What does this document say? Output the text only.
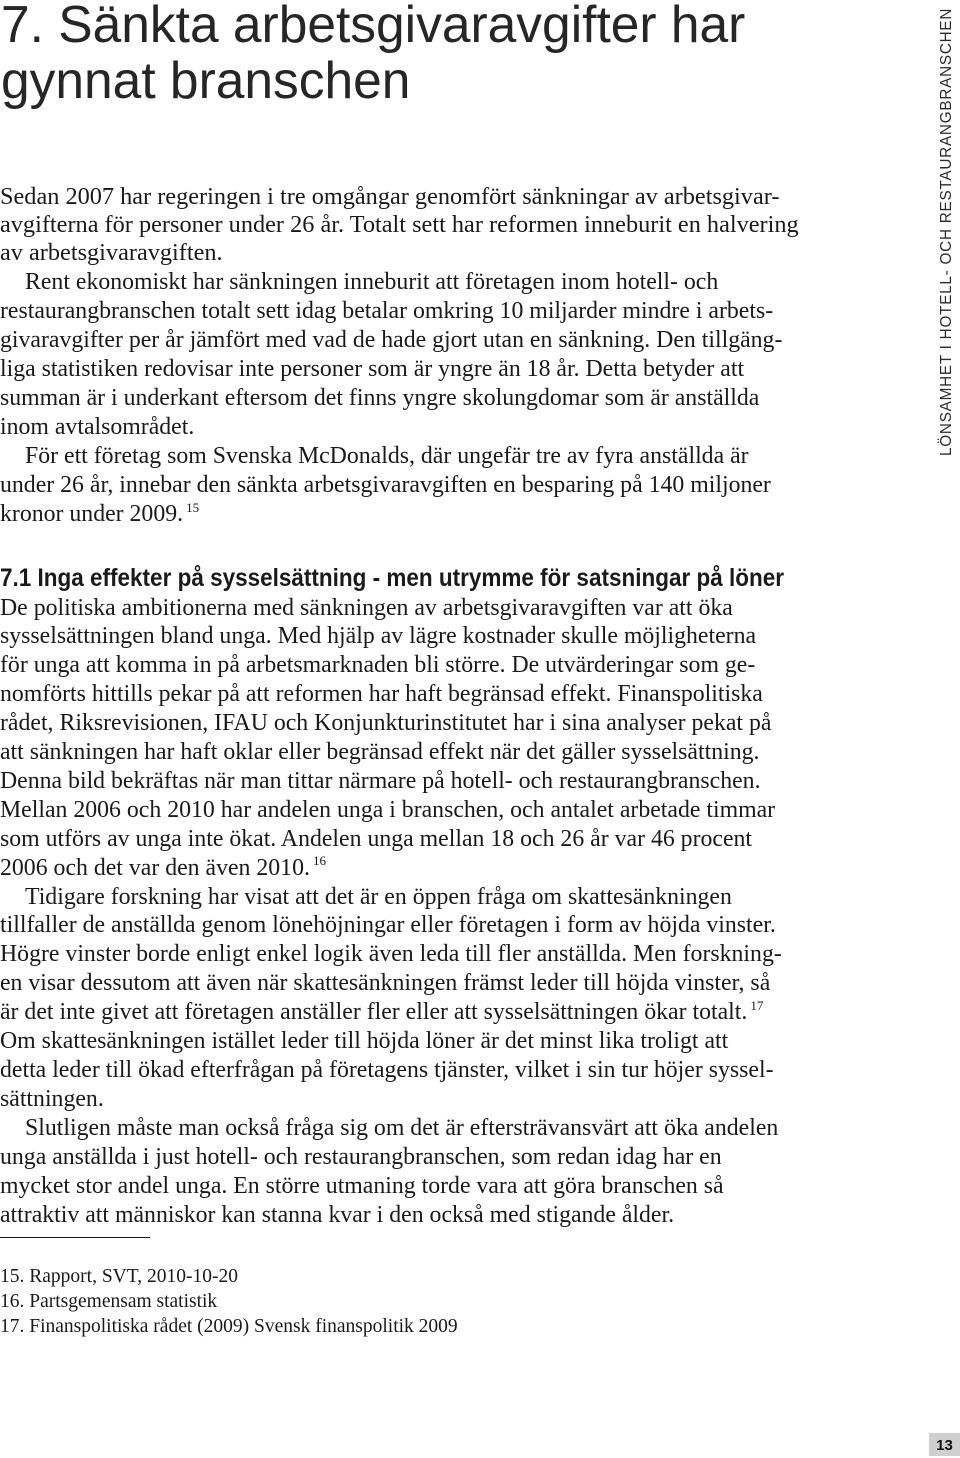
7. Sänkta arbetsgivaravgifter har
gynnat branschen
Sedan 2007 har regeringen i tre omgångar genomfört sänkningar av arbetsgivar-
avgifterna för personer under 26 år. Totalt sett har reformen inneburit en halvering
av arbetsgivaravgiften.
Rent ekonomiskt har sänkningen inneburit att företagen inom hotell- och
restaurangbranschen totalt sett idag betalar omkring 10 miljarder mindre i arbets-
givaravgifter per år jämfört med vad de hade gjort utan en sänkning. Den tillgäng-
liga statistiken redovisar inte personer som är yngre än 18 år. Detta betyder att
summan är i underkant eftersom det finns yngre skolungdomar som är anställda
inom avtalsområdet.
För ett företag som Svenska McDonalds, där ungefär tre av fyra anställda är
under 26 år, innebar den sänkta arbetsgivaravgiften en besparing på 140 miljoner
kronor under 2009. $^{15}$
7.1 Inga effekter på sysselsättning - men utrymme för satsningar på löner
De politiska ambitionerna med sänkningen av arbetsgivaravgiften var att öka
sysselsättningen bland unga. Med hjälp av lägre kostnader skulle möjligheterna
för unga att komma in på arbetsmarknaden bli större. De utvärderingar som ge-
nomförts hittills pekar på att reformen har haft begränsad effekt. Finanspolitiska
rådet, Riksrevisionen, IFAU och Konjunkturinstitutet har i sina analyser pekat på
att sänkningen har haft oklar eller begränsad effekt när det gäller sysselsättning.
Denna bild bekräftas när man tittar närmare på hotell- och restaurangbranschen.
Mellan 2006 och 2010 har andelen unga i branschen, och antalet arbetade timmar
som utförs av unga inte ökat. Andelen unga mellan 18 och 26 år var 46 procent
2006 och det var den även 2010. $^{16}$
Tidigare forskning har visat att det är en öppen fråga om skattesänkningen
tillfaller de anställda genom lönehöjningar eller företagen i form av höjda vinster.
Högre vinster borde enligt enkel logik även leda till fler anställda. Men forskning-
en visar dessutom att även när skattesänkningen främst leder till höjda vinster, så
är det inte givet att företagen anställer fler eller att sysselsättningen ökar totalt. $^{17}$
Om skattesänkningen istället leder till höjda löner är det minst lika troligt att
detta leder till ökad efterfrågan på företagens tjänster, vilket i sin tur höjer syssel-
sättningen.
Slutligen måste man också fråga sig om det är eftersträvansvärt att öka andelen
unga anställda i just hotell- och restaurangbranschen, som redan idag har en
mycket stor andel unga. En större utmaning torde vara att göra branschen så
attraktiv att människor kan stanna kvar i den också med stigande ålder.
15. Rapport, SVT, 2010-10-20
16. Partsgemensam statistik
17. Finanspolitiska rådet (2009) Svensk finanspolitik 2009
LÖNSAMHET I HOTELL- OCH RESTAURANGBRANSCHEN
13
